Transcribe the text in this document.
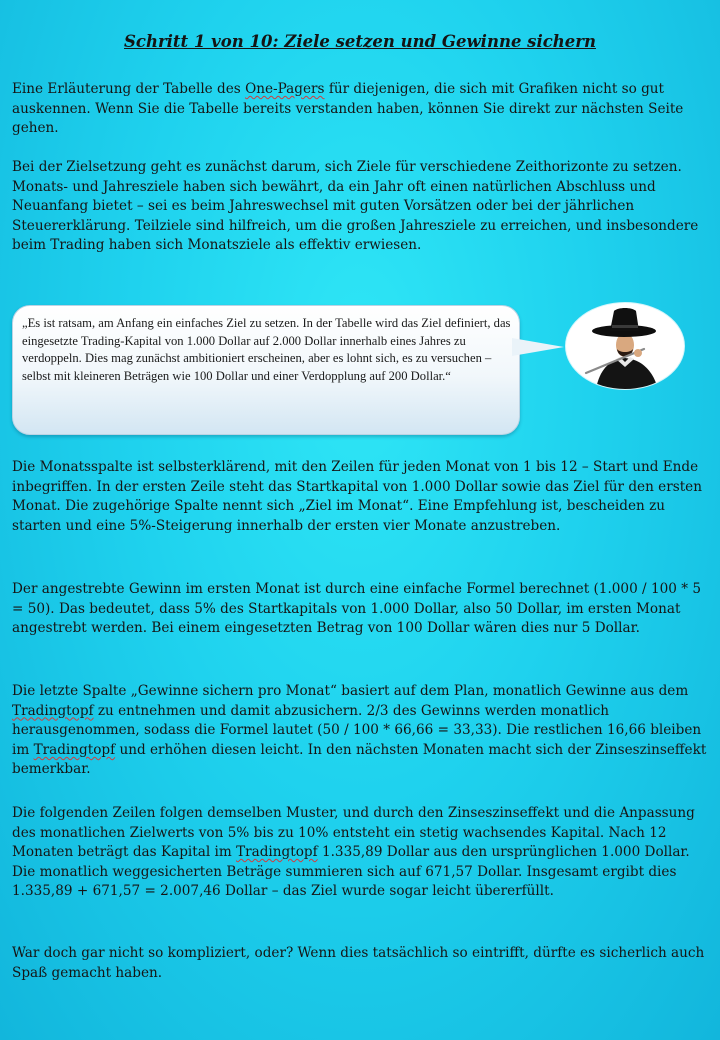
Schritt 1 von 10: Ziele setzen und Gewinne sichern

Eine Erläuterung der Tabelle des One-Pagers für diejenigen, die sich mit Grafiken nicht so gut auskennen. Wenn Sie die Tabelle bereits verstanden haben, können Sie direkt zur nächsten Seite gehen.

Bei der Zielsetzung geht es zunächst darum, sich Ziele für verschiedene Zeithorizonte zu setzen. Monats- und Jahresziele haben sich bewährt, da ein Jahr oft einen natürlichen Abschluss und Neuanfang bietet – sei es beim Jahreswechsel mit guten Vorsätzen oder bei der jährlichen Steuererklärung. Teilziele sind hilfreich, um die großen Jahresziele zu erreichen, und insbesondere beim Trading haben sich Monatsziele als effektiv erwiesen.

„Es ist ratsam, am Anfang ein einfaches Ziel zu setzen. In der Tabelle wird das Ziel definiert, das eingesetzte Trading-Kapital von 1.000 Dollar auf 2.000 Dollar innerhalb eines Jahres zu verdoppeln. Dies mag zunächst ambitioniert erscheinen, aber es lohnt sich, es zu versuchen – selbst mit kleineren Beträgen wie 100 Dollar und einer Verdopplung auf 200 Dollar.“

Die Monatsspalte ist selbsterklärend, mit den Zeilen für jeden Monat von 1 bis 12 – Start und Ende inbegriffen. In der ersten Zeile steht das Startkapital von 1.000 Dollar sowie das Ziel für den ersten Monat. Die zugehörige Spalte nennt sich „Ziel im Monat“. Eine Empfehlung ist, bescheiden zu starten und eine 5%-Steigerung innerhalb der ersten vier Monate anzustreben.

Der angestrebte Gewinn im ersten Monat ist durch eine einfache Formel berechnet (1.000 / 100 * 5 = 50). Das bedeutet, dass 5% des Startkapitals von 1.000 Dollar, also 50 Dollar, im ersten Monat angestrebt werden. Bei einem eingesetzten Betrag von 100 Dollar wären dies nur 5 Dollar.

Die letzte Spalte „Gewinne sichern pro Monat“ basiert auf dem Plan, monatlich Gewinne aus dem Tradingtopf zu entnehmen und damit abzusichern. 2/3 des Gewinns werden monatlich herausgenommen, sodass die Formel lautet (50 / 100 * 66,66 = 33,33). Die restlichen 16,66 bleiben im Tradingtopf und erhöhen diesen leicht. In den nächsten Monaten macht sich der Zinseszinseffekt bemerkbar.

Die folgenden Zeilen folgen demselben Muster, und durch den Zinseszinseffekt und die Anpassung des monatlichen Zielwerts von 5% bis zu 10% entsteht ein stetig wachsendes Kapital. Nach 12 Monaten beträgt das Kapital im Tradingtopf 1.335,89 Dollar aus den ursprünglichen 1.000 Dollar. Die monatlich weggesicherten Beträge summieren sich auf 671,57 Dollar. Insgesamt ergibt dies 1.335,89 + 671,57 = 2.007,46 Dollar – das Ziel wurde sogar leicht übererfüllt.

War doch gar nicht so kompliziert, oder? Wenn dies tatsächlich so eintrifft, dürfte es sicherlich auch Spaß gemacht haben.
